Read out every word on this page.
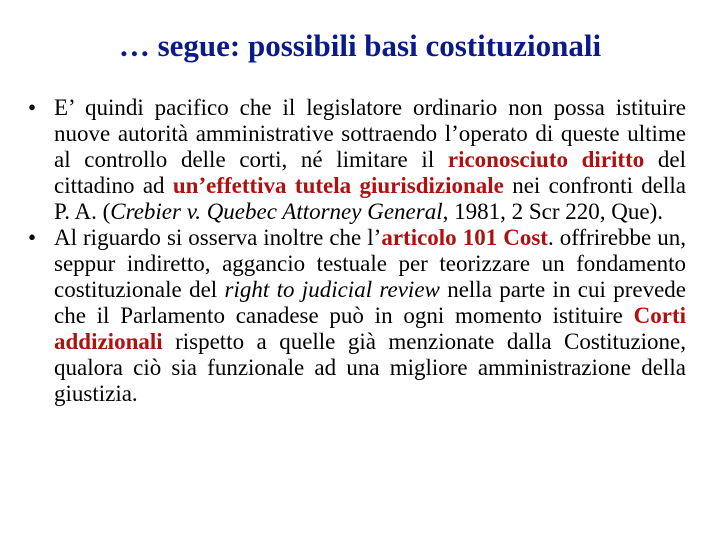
… segue: possibili basi costituzionali
• E’ quindi pacifico che il legislatore ordinario non possa istituire nuove autorità amministrative sottraendo l’operato di queste ultime al controllo delle corti, né limitare il riconosciuto diritto del cittadino ad un’effettiva tutela giurisdizionale nei confronti della P. A. (Crebier v. Quebec Attorney General, 1981, 2 Scr 220, Que).
• Al riguardo si osserva inoltre che l’articolo 101 Cost. offrirebbe un, seppur indiretto, aggancio testuale per teorizzare un fondamento costituzionale del right to judicial review nella parte in cui prevede che il Parlamento canadese può in ogni momento istituire Corti addizionali rispetto a quelle già menzionate dalla Costituzione, qualora ciò sia funzionale ad una migliore amministrazione della giustizia.
